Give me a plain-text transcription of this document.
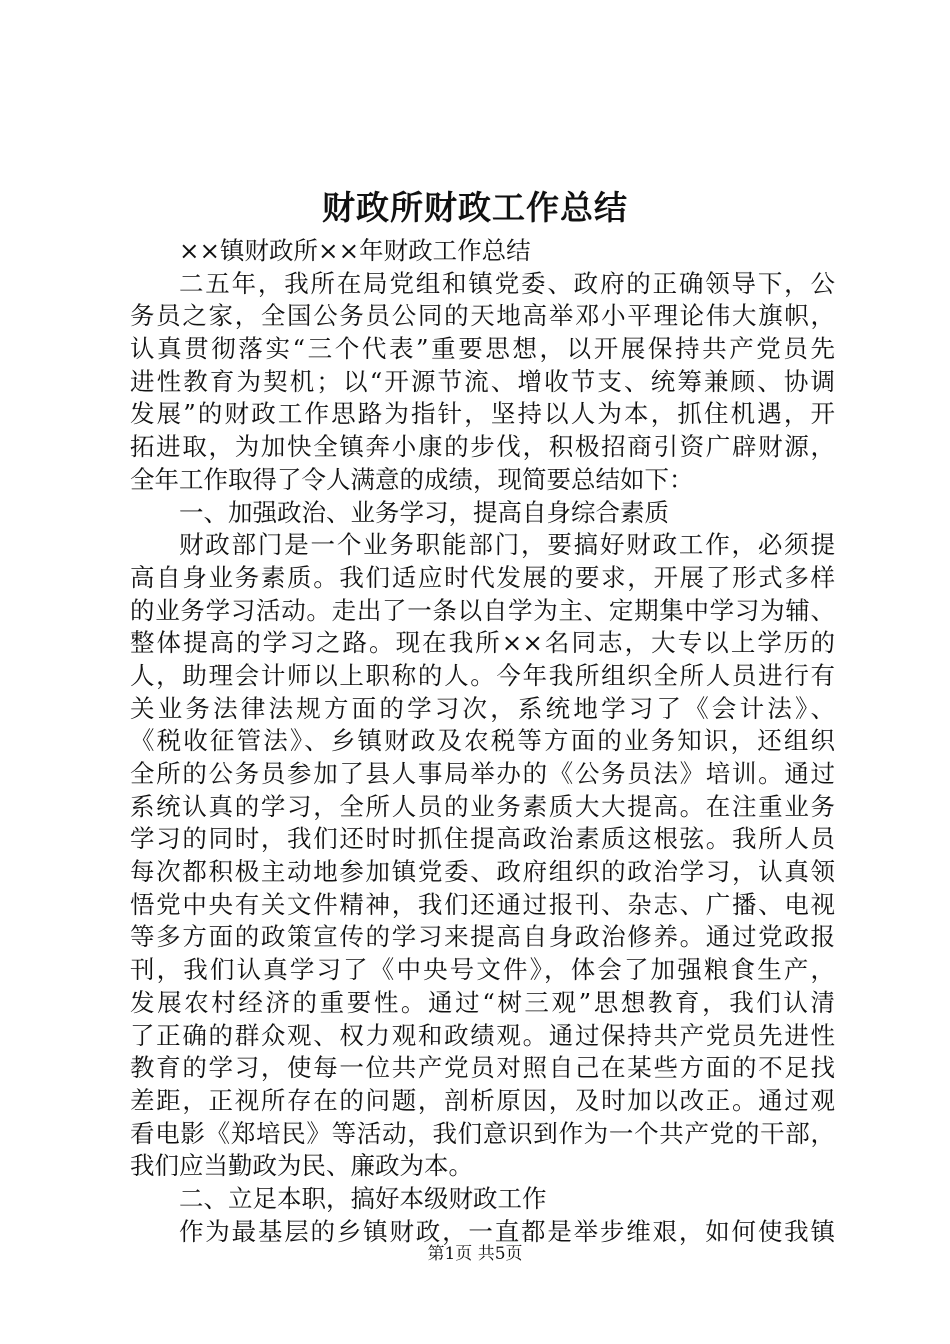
财政所财政工作总结
××镇财政所××年财政工作总结
二五年，我所在局党组和镇党委、政府的正确领导下，公
务员之家，全国公务员公同的天地高举邓小平理论伟大旗帜，
认真贯彻落实“三个代表”重要思想，以开展保持共产党员先
进性教育为契机；以“开源节流、增收节支、统筹兼顾、协调
发展”的财政工作思路为指针，坚持以人为本，抓住机遇，开
拓进取，为加快全镇奔小康的步伐，积极招商引资广辟财源，
全年工作取得了令人满意的成绩，现简要总结如下：
一、加强政治、业务学习，提高自身综合素质
财政部门是一个业务职能部门，要搞好财政工作，必须提
高自身业务素质。我们适应时代发展的要求，开展了形式多样
的业务学习活动。走出了一条以自学为主、定期集中学习为辅、
整体提高的学习之路。现在我所××名同志，大专以上学历的
人，助理会计师以上职称的人。今年我所组织全所人员进行有
关业务法律法规方面的学习次，系统地学习了《会计法》、
《税收征管法》、乡镇财政及农税等方面的业务知识，还组织
全所的公务员参加了县人事局举办的《公务员法》培训。通过
系统认真的学习，全所人员的业务素质大大提高。在注重业务
学习的同时，我们还时时抓住提高政治素质这根弦。我所人员
每次都积极主动地参加镇党委、政府组织的政治学习，认真领
悟党中央有关文件精神，我们还通过报刊、杂志、广播、电视
等多方面的政策宣传的学习来提高自身政治修养。通过党政报
刊，我们认真学习了《中央号文件》，体会了加强粮食生产，
发展农村经济的重要性。通过“树三观”思想教育，我们认清
了正确的群众观、权力观和政绩观。通过保持共产党员先进性
教育的学习，使每一位共产党员对照自己在某些方面的不足找
差距，正视所存在的问题，剖析原因，及时加以改正。通过观
看电影《郑培民》等活动，我们意识到作为一个共产党的干部，
我们应当勤政为民、廉政为本。
二、立足本职，搞好本级财政工作
作为最基层的乡镇财政，一直都是举步维艰，如何使我镇
第1页 共5页
